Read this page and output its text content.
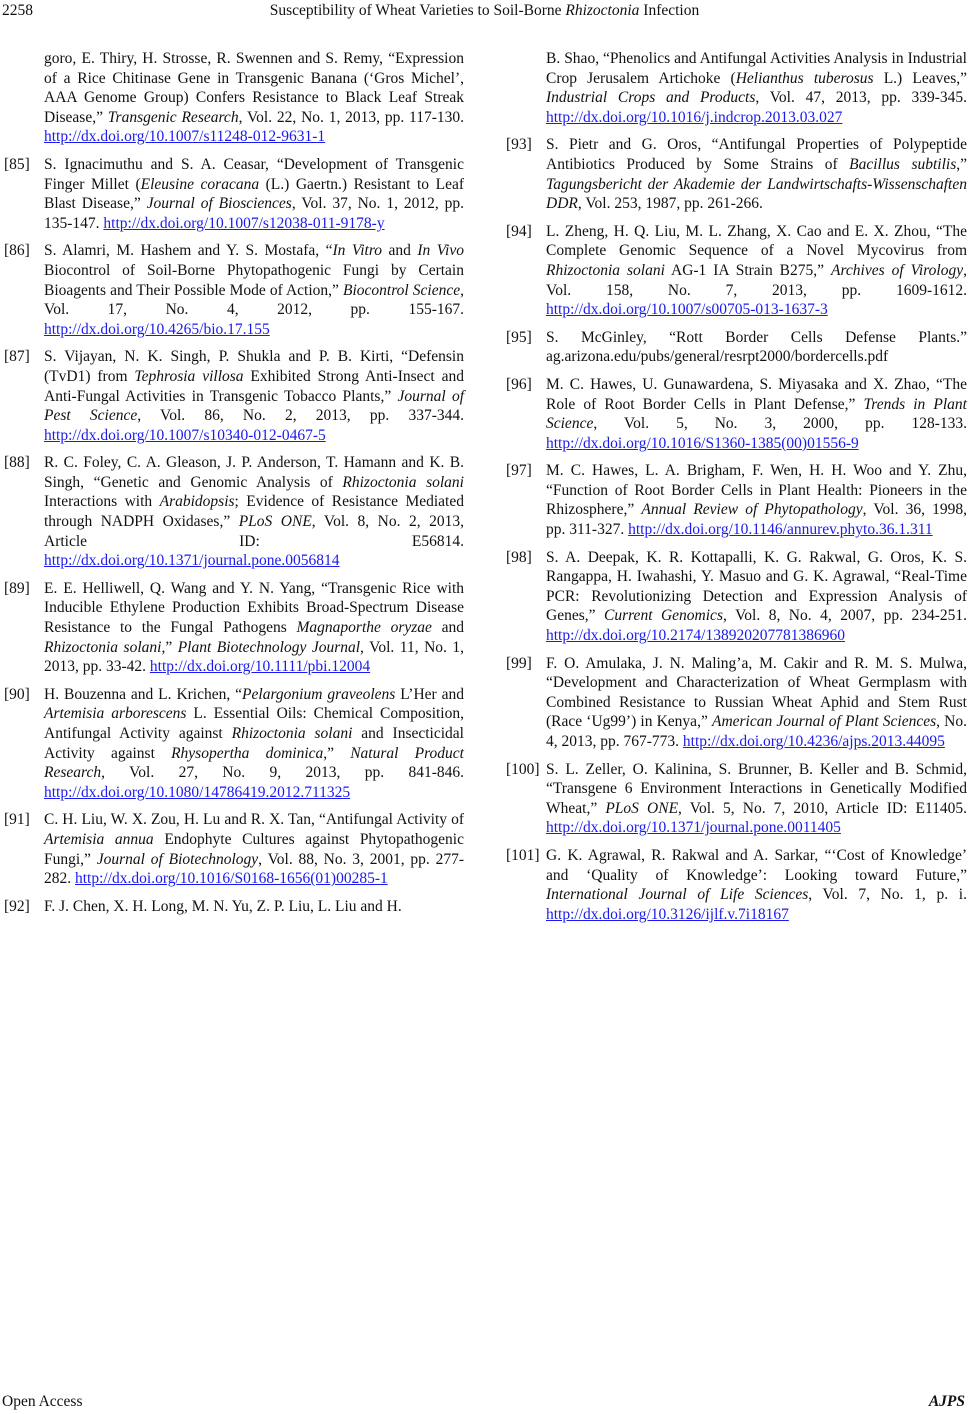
2258	Susceptibility of Wheat Varieties to Soil-Borne Rhizoctonia Infection
goro, E. Thiry, H. Strosse, R. Swennen and S. Remy, “Expression of a Rice Chitinase Gene in Transgenic Banana (‘Gros Michel’, AAA Genome Group) Confers Resistance to Black Leaf Streak Disease,” Transgenic Research, Vol. 22, No. 1, 2013, pp. 117-130. http://dx.doi.org/10.1007/s11248-012-9631-1
[85] S. Ignacimuthu and S. A. Ceasar, “Development of Transgenic Finger Millet (Eleusine coracana (L.) Gaertn.) Resistant to Leaf Blast Disease,” Journal of Biosciences, Vol. 37, No. 1, 2012, pp. 135-147. http://dx.doi.org/10.1007/s12038-011-9178-y
[86] S. Alamri, M. Hashem and Y. S. Mostafa, “In Vitro and In Vivo Biocontrol of Soil-Borne Phytopathogenic Fungi by Certain Bioagents and Their Possible Mode of Action,” Biocontrol Science, Vol. 17, No. 4, 2012, pp. 155-167. http://dx.doi.org/10.4265/bio.17.155
[87] S. Vijayan, N. K. Singh, P. Shukla and P. B. Kirti, “Defensin (TvD1) from Tephrosia villosa Exhibited Strong Anti-Insect and Anti-Fungal Activities in Transgenic Tobacco Plants,” Journal of Pest Science, Vol. 86, No. 2, 2013, pp. 337-344. http://dx.doi.org/10.1007/s10340-012-0467-5
[88] R. C. Foley, C. A. Gleason, J. P. Anderson, T. Hamann and K. B. Singh, “Genetic and Genomic Analysis of Rhizoctonia solani Interactions with Arabidopsis; Evidence of Resistance Mediated through NADPH Oxidases,” PLoS ONE, Vol. 8, No. 2, 2013, Article ID: E56814. http://dx.doi.org/10.1371/journal.pone.0056814
[89] E. E. Helliwell, Q. Wang and Y. N. Yang, “Transgenic Rice with Inducible Ethylene Production Exhibits Broad-Spectrum Disease Resistance to the Fungal Pathogens Magnaporthe oryzae and Rhizoctonia solani,” Plant Biotechnology Journal, Vol. 11, No. 1, 2013, pp. 33-42. http://dx.doi.org/10.1111/pbi.12004
[90] H. Bouzenna and L. Krichen, “Pelargonium graveolens L’Her and Artemisia arborescens L. Essential Oils: Chemical Composition, Antifungal Activity against Rhizoctonia solani and Insecticidal Activity against Rhysopertha dominica,” Natural Product Research, Vol. 27, No. 9, 2013, pp. 841-846. http://dx.doi.org/10.1080/14786419.2012.711325
[91] C. H. Liu, W. X. Zou, H. Lu and R. X. Tan, “Antifungal Activity of Artemisia annua Endophyte Cultures against Phytopathogenic Fungi,” Journal of Biotechnology, Vol. 88, No. 3, 2001, pp. 277-282. http://dx.doi.org/10.1016/S0168-1656(01)00285-1
[92] F. J. Chen, X. H. Long, M. N. Yu, Z. P. Liu, L. Liu and H.
B. Shao, “Phenolics and Antifungal Activities Analysis in Industrial Crop Jerusalem Artichoke (Helianthus tuberosus L.) Leaves,” Industrial Crops and Products, Vol. 47, 2013, pp. 339-345. http://dx.doi.org/10.1016/j.indcrop.2013.03.027
[93] S. Pietr and G. Oros, “Antifungal Properties of Polypeptide Antibiotics Produced by Some Strains of Bacillus subtilis,” Tagungsbericht der Akademie der Landwirtschafts-Wissenschaften DDR, Vol. 253, 1987, pp. 261-266.
[94] L. Zheng, H. Q. Liu, M. L. Zhang, X. Cao and E. X. Zhou, “The Complete Genomic Sequence of a Novel Mycovirus from Rhizoctonia solani AG-1 IA Strain B275,” Archives of Virology, Vol. 158, No. 7, 2013, pp. 1609-1612. http://dx.doi.org/10.1007/s00705-013-1637-3
[95] S. McGinley, “Rott Border Cells Defense Plants.” ag.arizona.edu/pubs/general/resrpt2000/bordercells.pdf
[96] M. C. Hawes, U. Gunawardena, S. Miyasaka and X. Zhao, “The Role of Root Border Cells in Plant Defense,” Trends in Plant Science, Vol. 5, No. 3, 2000, pp. 128-133. http://dx.doi.org/10.1016/S1360-1385(00)01556-9
[97] M. C. Hawes, L. A. Brigham, F. Wen, H. H. Woo and Y. Zhu, “Function of Root Border Cells in Plant Health: Pioneers in the Rhizosphere,” Annual Review of Phytopathology, Vol. 36, 1998, pp. 311-327. http://dx.doi.org/10.1146/annurev.phyto.36.1.311
[98] S. A. Deepak, K. R. Kottapalli, K. G. Rakwal, G. Oros, K. S. Rangappa, H. Iwahashi, Y. Masuo and G. K. Agrawal, “Real-Time PCR: Revolutionizing Detection and Expression Analysis of Genes,” Current Genomics, Vol. 8, No. 4, 2007, pp. 234-251. http://dx.doi.org/10.2174/138920207781386960
[99] F. O. Amulaka, J. N. Maling’a, M. Cakir and R. M. S. Mulwa, “Development and Characterization of Wheat Germplasm with Combined Resistance to Russian Wheat Aphid and Stem Rust (Race ‘Ug99’) in Kenya,” American Journal of Plant Sciences, No. 4, 2013, pp. 767-773. http://dx.doi.org/10.4236/ajps.2013.44095
[100] S. L. Zeller, O. Kalinina, S. Brunner, B. Keller and B. Schmid, “Transgene 6 Environment Interactions in Genetically Modified Wheat,” PLoS ONE, Vol. 5, No. 7, 2010, Article ID: E11405. http://dx.doi.org/10.1371/journal.pone.0011405
[101] G. K. Agrawal, R. Rakwal and A. Sarkar, “‘Cost of Knowledge’ and ‘Quality of Knowledge’: Looking toward Future,” International Journal of Life Sciences, Vol. 7, No. 1, p. i. http://dx.doi.org/10.3126/ijlf.v.7i18167
Open Access	AJPS
